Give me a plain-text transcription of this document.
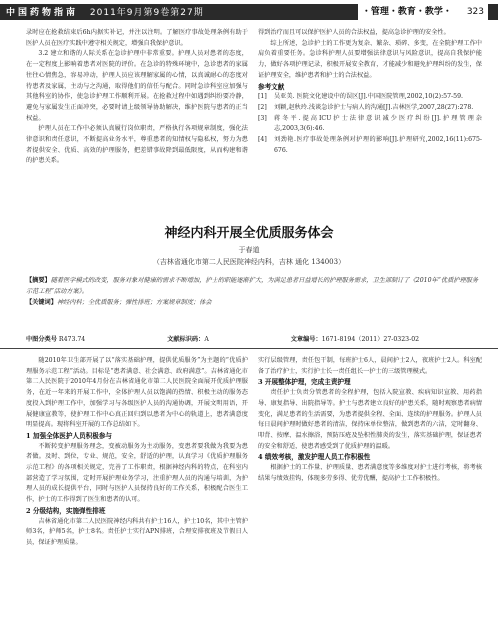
中国药物指南 2011年9月第9卷第27期	・管理・教育・教学・ 323

录时应在抢救结束后6h内据实补记，并注以注明。了解医疗事故处理条例有助于医护人员在医疗实践中遵守相关规定，增强自我保护意识。

3.2 建立和谐的人际关系在急诊护理中非常重要。护理人员对患者的态度，在一定程度上影响着患者对医院的评价。在急诊的特殊环境中，急诊患者的家属往往心情焦急，容易冲动，护理人员应该理解家属的心情，以真诚耐心的态度对待患者及家属，主动与之沟通，取得他们的信任与配合。同时急诊科室应加强与其他科室的协作，使急诊护理工作顺利开展。在抢救过程中如遇到纠纷要冷静，避免与家属发生正面冲突，必要时请上级领导协助解决，维护医院与患者的正当权益。

护理人员在工作中必须认真履行岗位职责，严格执行各项规章制度，强化法律意识和责任意识，不断提高业务水平，尊重患者的知情权与隐私权，努力为患者提供安全、优质、高效的护理服务，把差错事故降到最低限度，从而构建和谐的护患关系。

得到治疗而且可以保护医护人员的合法权益，提高急诊护理的安全性。

综上所述，急诊护士的工作更为复杂、繁杂、琐碎、多变，在全院护理工作中肩负着重要任务。急诊科护理人员要增强法律意识与风险意识，提高自我保护能力，做好各项护理记录，积极开展安全教育，才能减少和避免护理纠纷的发生，保证护理安全，维护患者和护士的合法权益。

参考文献

[1] 吴亚美. 医院文化建设中的误区[J].中国医院管理,2002,10(2):57-59.

[2] 刘颖,赵秋玲.浅谈急诊护士与病人的沟通[J].吉林医学,2007,28(27):278.

[3] 蒋冬平.提高ICU护士法律意识减少医疗纠纷[J].护理管理杂志,2003,3(6):46.

[4] 刘劲艳.医疗事故处理条例对护理的影响[J].护理研究,2002,16(11):675-676.

神经内科开展全优质服务体会
于春道
（吉林省通化市第二人民医院神经内科，吉林 通化 134003）
【摘要】随着医学模式的改变，服务对象对健康的需求不断增加，护士的职能逐渐扩大，为满足患者日益增长的护理服务需求，卫生部制订了《2010年“优质护理服务示范工程”活动方案》。
【关键词】神经内科；全优质服务；弹性排班；方案规章制度；体会
中图分类号 R473.74	文献标识码：A	文章编号：1671-8194（2011）27-0323-02

随2010年卫生部开展了以“落实基础护理，提供优质服务”为主题的“优质护理服务示范工程”活动。目标是“患者满意、社会满意、政府满意”。吉林省通化市第二人民医院于2010年4月份在吉林省通化市第二人民医院全面展开优质护理服务，在近一年来的开展工作中，全体护理人员以饱满的热情、积极主动的服务态度投入到护理工作中，加强学习与各级医护人员的沟通协调，开展文明用语，开展健康宣教等，使护理工作中心真正回归到以患者为中心的轨道上，患者满意度明显提高。现将科室开展的工作总结如下。

1 加强全体医护人员积极参与

不断转变护理服务理念，变被动服务为主动服务，变患者要我做为我要为患者做。及时、到位，专业、规范，安全，舒适的护理，认真学习《优质护理服务示范工程》的各项相关规定，完善了工作职责，根据神经内科的特点，在科室内部营造了学习氛围，定时开展护理业务学习，注重护理人员的沟通与培训，为护理人员的成长提供平台，同时与医护人员保持良好的工作关系，积极配合医生工作，护士的工作得到了医生和患者的认可。

2 分级结构，实施弹性排班

吉林省通化市第二人民医院神经内科共有护士16人，护士10名，其中主管护师3名，护师5名，护士8名。责任护士实行APN排班，合理安排夜班及节假日人员，保证护理质量。

实行层级管理，责任包干制，每班护士6人，晨间护士2人，夜班护士2人。科室配备了治疗护士，实行护士长一责任组长一护士的三级管理模式。

3 开展整体护理，完成主责护理

责任护士负责分管患者的全程护理，包括入院宣教、疾病知识宣教、用药指导、康复指导、出院指导等。护士与患者建立良好的护患关系，随时观察患者病情变化，满足患者的生活需要，为患者提供全程、全面、连续的护理服务。护理人员每日晨间护理时做好患者的清洁，保持床单位整洁，做到患者的六洁，定时翻身、叩背、按摩、温水擦浴，预防压疮及坠积性肺炎的发生，落实基础护理，保证患者的安全和舒适，使患者感受到了优质护理的温暖。

4 绩效考核，激发护理人员工作积极性

根据护士的工作量、护理质量、患者满意度等多维度对护士进行考核，将考核结果与绩效挂钩，体现多劳多得、优劳优酬，提高护士工作积极性。
